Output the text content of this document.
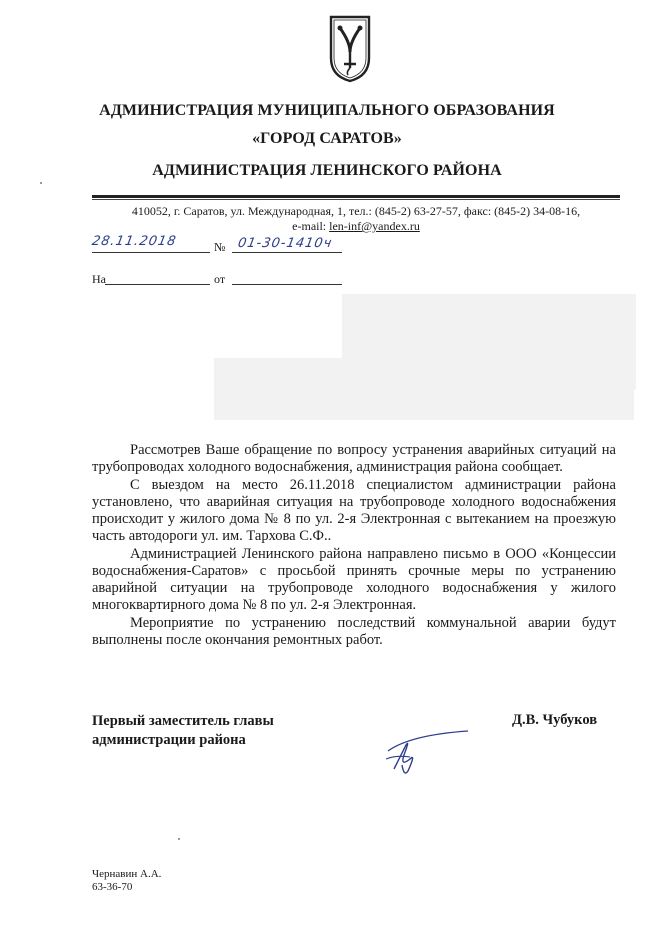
АДМИНИСТРАЦИЯ МУНИЦИПАЛЬНОГО ОБРАЗОВАНИЯ
«ГОРОД САРАТОВ»
АДМИНИСТРАЦИЯ ЛЕНИНСКОГО РАЙОНА
410052, г. Саратов, ул. Международная, 1, тел.: (845-2) 63-27-57, факс: (845-2) 34-08-16,
e-mail: len-inf@yandex.ru
28.11.2018	№ 01-30-1410ч
На	от

Рассмотрев Ваше обращение по вопросу устранения аварийных ситуаций на трубопроводах холодного водоснабжения, администрация района сообщает.

С выездом на место 26.11.2018 специалистом администрации района установлено, что аварийная ситуация на трубопроводе холодного водоснабжения происходит у жилого дома № 8 по ул. 2-я Электронная с вытеканием на проезжую часть автодороги ул. им. Тархова С.Ф..

Администрацией Ленинского района направлено письмо в ООО «Концессии водоснабжения-Саратов» с просьбой принять срочные меры по устранению аварийной ситуации на трубопроводе холодного водоснабжения у жилого многоквартирного дома № 8 по ул. 2-я Электронная.

Мероприятие по устранению последствий коммунальной аварии будут выполнены после окончания ремонтных работ.

Первый заместитель главы
администрации района
Д.В. Чубуков
Чернавин А.А.
63-36-70
